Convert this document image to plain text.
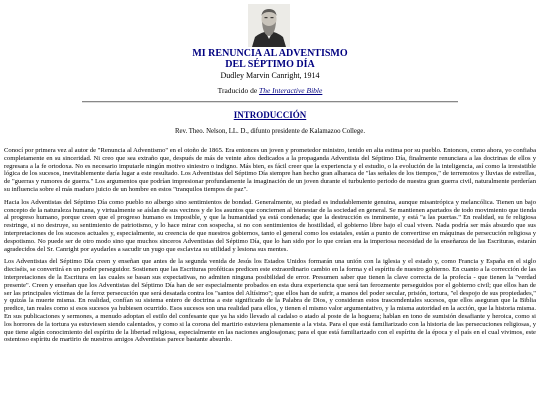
MI RENUNCIA AL ADVENTISMO
DEL SÉPTIMO DÍA
Dudley Marvin Canright, 1914
Traducido de The Interactive Bible
INTRODUCCIÓN
Rev. Theo. Nelson, LL. D., difunto presidente de Kalamazoo College.

Conocí por primera vez al autor de "Renuncia al Adventismo" en el otoño de 1865. Era entonces un joven y prometedor ministro, tenido en alta estima por su pueblo. Entonces, como ahora, yo confiaba completamente en su sinceridad. Ni creo que sea extraño que, después de más de veinte años dedicados a la propaganda Adventista del Séptimo Día, finalmente renunciara a las doctrinas de ellos y regresara a la fe ortodoxa. No es necesario imputarle ningún motivo siniestro o indigno. Más bien, es fácil creer que la experiencia y el estudio, o la evolución de la inteligencia, así como la irresistible lógica de los sucesos, inevitablemente daría lugar a este resultado. Los Adventistas del Séptimo Día siempre han hecho gran alharaca de "las señales de los tiempos," de terremotos y lluvias de estrellas, de "guerras y rumores de guerra." Los argumentos que podrían impresionar profundamente la imaginación de un joven durante el turbulento periodo de nuestra gran guerra civil, naturalmente perderían su influencia sobre el más maduro juicio de un hombre en estos "tranquilos tiempos de paz".

Hacia los Adventistas del Séptimo Día como pueblo no albergo sino sentimientos de bondad. Generalmente, su piedad es indudablemente genuina, aunque misantrópica y melancólica. Tienen un bajo concepto de la naturaleza humana, y virtualmente se aíslan de sus vecinos y de los asuntos que conciernen al bienestar de la sociedad en general. Se mantienen apartados de todo movimiento que tienda al progreso humano, porque creen que el progreso humano es imposible, y que la humanidad ya está condenada; que la destrucción es inminente, y está "a las puertas." En realidad, su fe religiosa restringe, si no destruye, su sentimiento de patriotismo, y lo hace mirar con sospecha, si no con sentimientos de hostilidad, el gobierno libre bajo el cual viven. Nada podría ser más absurdo que sus interpretaciones de los sucesos actuales y, especialmente, su creencia de que nuestros gobiernos, tanto el general como los estatales, están a punto de convertirse en máquinas de persecución religiosa y despotismo. No puede ser de otro modo sino que muchos sinceros Adventistas del Séptimo Día, que lo han sido por lo que creían era la imperiosa necesidad de la enseñanza de las Escrituras, estarán agradecidos del Sr. Canright por ayudarles a sacudir un yugo que esclaviza su utilidad y lesiona sus mentes.

Los Adventistas del Séptimo Día creen y enseñan que antes de la segunda venida de Jesús los Estados Unidos formarán una unión con la iglesia y el estado y, como Francia y España en el siglo dieciséis, se convertirá en un poder perseguidor. Sostienen que las Escrituras proféticas predicen este extraordinario cambio en la forma y el espíritu de nuestro gobierno. En cuanto a la corrección de las interpretaciones de la Escritura en las cuales se basan sus expectativas, no admiten ninguna posibilidad de error. Presumen saber que tienen la clave correcta de la profecía - que tienen la "verdad presente". Creen y enseñan que los Adventistas del Séptimo Día han de ser especialmente probados en esta dura experiencia que será tan ferozmente perseguidos por el gobierno civil; que ellos han de ser las principales víctimas de la feroz persecución que será desatada contra los "santos del Altísimo"; que ellos han de sufrir, a manos del poder secular, prisión, tortura, "el despojo de sus propiedades," y quizás la muerte misma. En realidad, confían su sistema entero de doctrina a este significado de la Palabra de Dios, y consideran estos trascendentales sucesos, que ellos aseguran que la Biblia predice, tan reales como si esos sucesos ya hubiesen ocurrido. Esos sucesos son una realidad para ellos, y tienen el mismo valor argumentativo, y la misma autoridad en la acción, que la historia misma. En sus publicaciones y sermones, a menudo adoptan el estilo del confesante que ya ha sido llevado al cadalso o atado al poste de la hoguera; hablan en tono de sumisión desafiante y heroica, como si los horrores de la tortura ya estuviesen siendo calentados, y como si la corona del martirio estuviera plenamente a la vista. Para el que está familiarizado con la historia de las persecuciones religiosas, y que tiene algún conocimiento del espíritu de la libertad religiosa, especialmente en las naciones anglosajonas; para el que está familiarizado con el espíritu de la época y el país en el cual vivimos, este ostentoso espíritu de martirio de nuestros amigos Adventistas parece bastante absurdo.
